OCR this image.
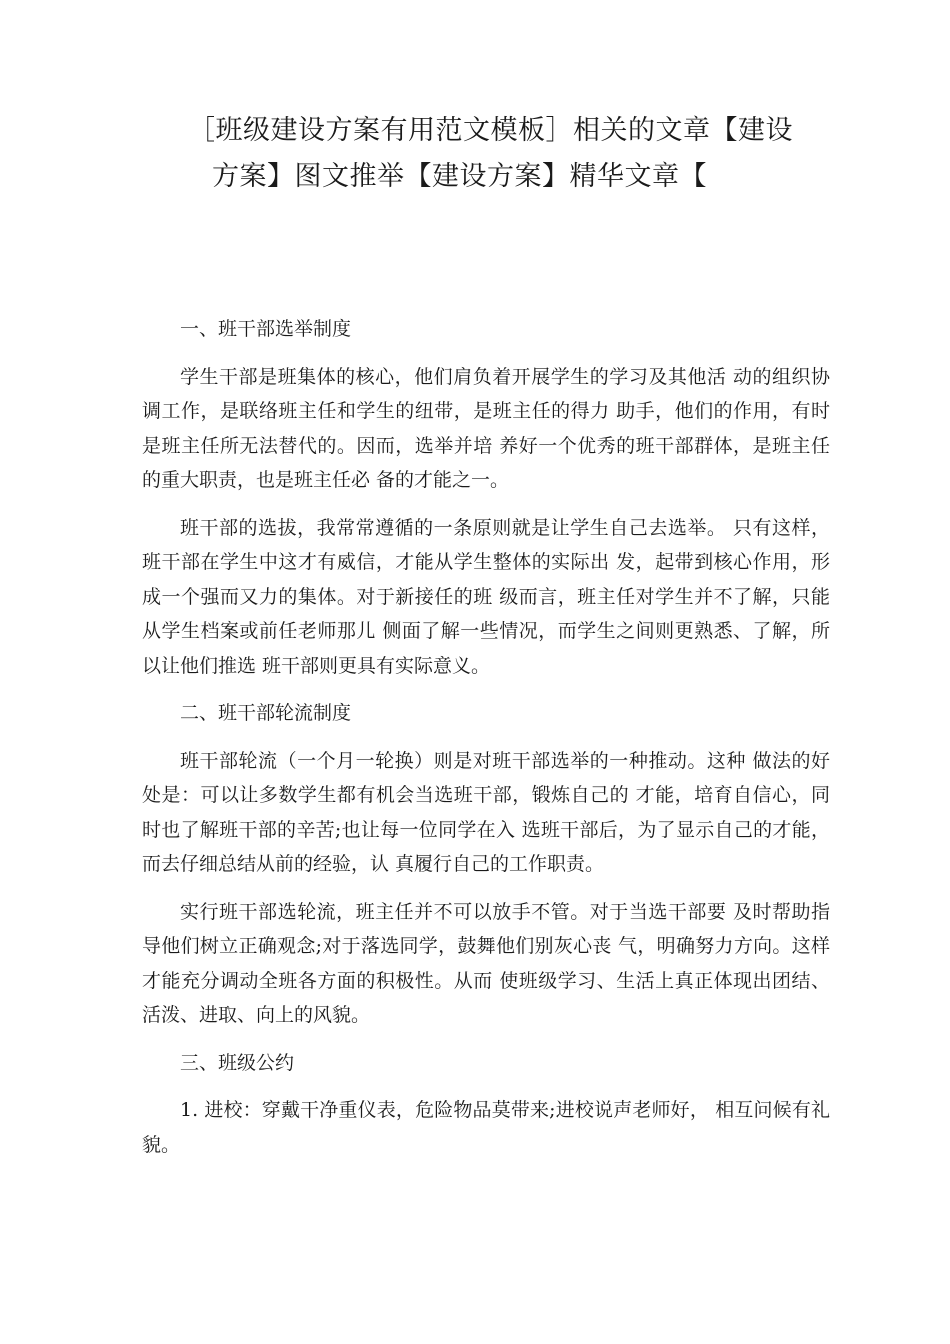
［班级建设方案有用范文模板］相关的文章【建设
方案】图文推举【建设方案】精华文章【

一、班干部选举制度

学生干部是班集体的核心，他们肩负着开展学生的学习及其他活 动的组织协调工作，是联络班主任和学生的纽带，是班主任的得力 助手，他们的作用，有时是班主任所无法替代的。因而，选举并培 养好一个优秀的班干部群体，是班主任的重大职责，也是班主任必 备的才能之一。

班干部的选拔，我常常遵循的一条原则就是让学生自己去选举。 只有这样，班干部在学生中这才有威信，才能从学生整体的实际出 发，起带到核心作用，形成一个强而又力的集体。对于新接任的班 级而言，班主任对学生并不了解，只能从学生档案或前任老师那儿 侧面了解一些情况，而学生之间则更熟悉、了解，所以让他们推选 班干部则更具有实际意义。

二、班干部轮流制度

班干部轮流（一个月一轮换）则是对班干部选举的一种推动。这种 做法的好处是：可以让多数学生都有机会当选班干部，锻炼自己的 才能，培育自信心，同时也了解班干部的辛苦;也让每一位同学在入 选班干部后，为了显示自己的才能，而去仔细总结从前的经验，认 真履行自己的工作职责。

实行班干部选轮流，班主任并不可以放手不管。对于当选干部要 及时帮助指导他们树立正确观念;对于落选同学，鼓舞他们别灰心丧 气，明确努力方向。这样才能充分调动全班各方面的积极性。从而 使班级学习、生活上真正体现出团结、活泼、进取、向上的风貌。

三、班级公约

1. 进校：穿戴干净重仪表，危险物品莫带来;进校说声老师好， 相互问候有礼貌。
